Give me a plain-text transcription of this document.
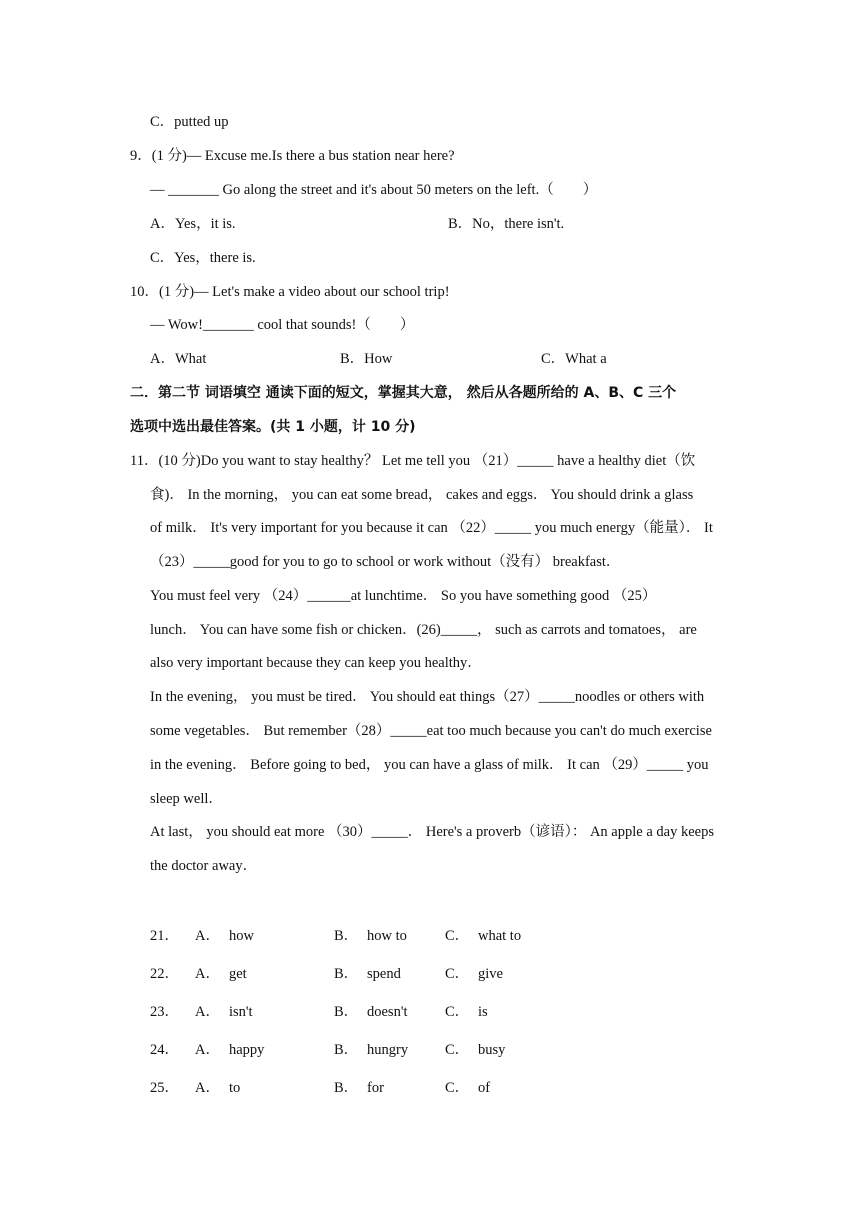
C．putted up
9．(1 分)— Excuse me.Is there a bus station near here?
— _______ Go along the street and it's about 50 meters on the left.（　　）
A．Yes，it is.	B．No，there isn't.
C．Yes，there is.
10．(1 分)— Let's make a video about our school trip!
— Wow!_______ cool that sounds!（　　）
A．What	B．How	C．What a
二．第二节 词语填空 通读下面的短文，掌握其大意， 然后从各题所给的 A、B、C 三个
选项中选出最佳答案。(共 1 小题，计 10 分)
11．(10 分)Do you want to stay healthy？ Let me tell you （21）_____ have a healthy diet（饮
食)． In the morning， you can eat some bread， cakes and eggs． You should drink a glass
of milk． It's very important for you because it can （22）_____ you much energy（能量）． It
（23）_____good for you to go to school or work without（没有） breakfast．
You must feel very （24）______at lunchtime． So you have something good （25）
lunch． You can have some fish or chicken．(26)_____， such as carrots and tomatoes， are
also very important because they can keep you healthy．
In the evening， you must be tired． You should eat things（27）_____noodles or others with
some vegetables． But remember（28）_____eat too much because you can't do much exercise
in the evening． Before going to bed， you can have a glass of milk． It can （29）_____ you
sleep well．
At last， you should eat more （30）_____． Here's a proverb（谚语）： An apple a day keeps
the doctor away．
21． A． how	B． how to	C． what to
22． A． get	B． spend	C． give
23． A． isn't	B． doesn't	C． is
24． A． happy	B． hungry	C． busy
25． A． to	B． for	C． of
